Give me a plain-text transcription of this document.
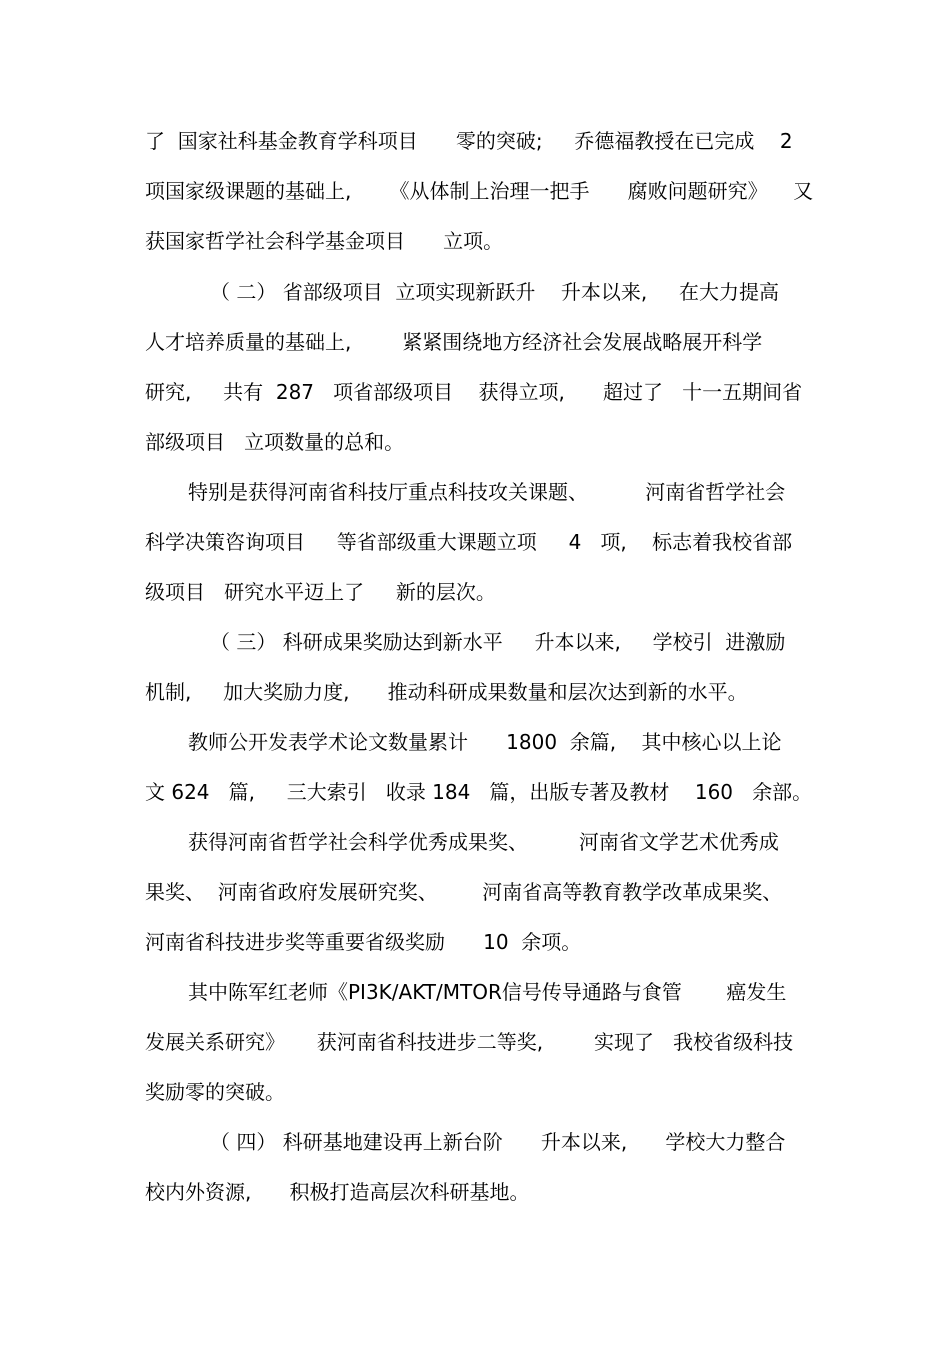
了  国家社科基金教育学科项目      零的突破;     乔德福教授在已完成    2
项国家级课题的基础上,      《从体制上治理一把手      腐败问题研究》    又
获国家哲学社会科学基金项目      立项。
（ 二） 省部级项目  立项实现新跃升    升本以来,     在大力提高
人才培养质量的基础上,        紧紧围绕地方经济社会发展战略展开科学
研究,     共有  287   项省部级项目    获得立项,      超过了   十一五期间省
部级项目   立项数量的总和。
特别是获得河南省科技厅重点科技攻关课题、         河南省哲学社会
科学决策咨询项目     等省部级重大课题立项     4   项,    标志着我校省部
级项目   研究水平迈上了     新的层次。
（ 三） 科研成果奖励达到新水平     升本以来,     学校引  进激励
机制,     加大奖励力度,      推动科研成果数量和层次达到新的水平。
教师公开发表学术论文数量累计      1800  余篇,    其中核心以上论
文 624   篇,     三大索引   收录 184   篇，出版专著及教材    160   余部。
获得河南省哲学社会科学优秀成果奖、        河南省文学艺术优秀成
果奖、  河南省政府发展研究奖、       河南省高等教育教学改革成果奖、
河南省科技进步奖等重要省级奖励      10  余项。
其中陈军红老师《PI3K/AKT/MTOR信号传导通路与食管       癌发生
发展关系研究》     获河南省科技进步二等奖,        实现了   我校省级科技
奖励零的突破。
（ 四） 科研基地建设再上新台阶      升本以来,      学校大力整合
校内外资源,      积极打造高层次科研基地。
